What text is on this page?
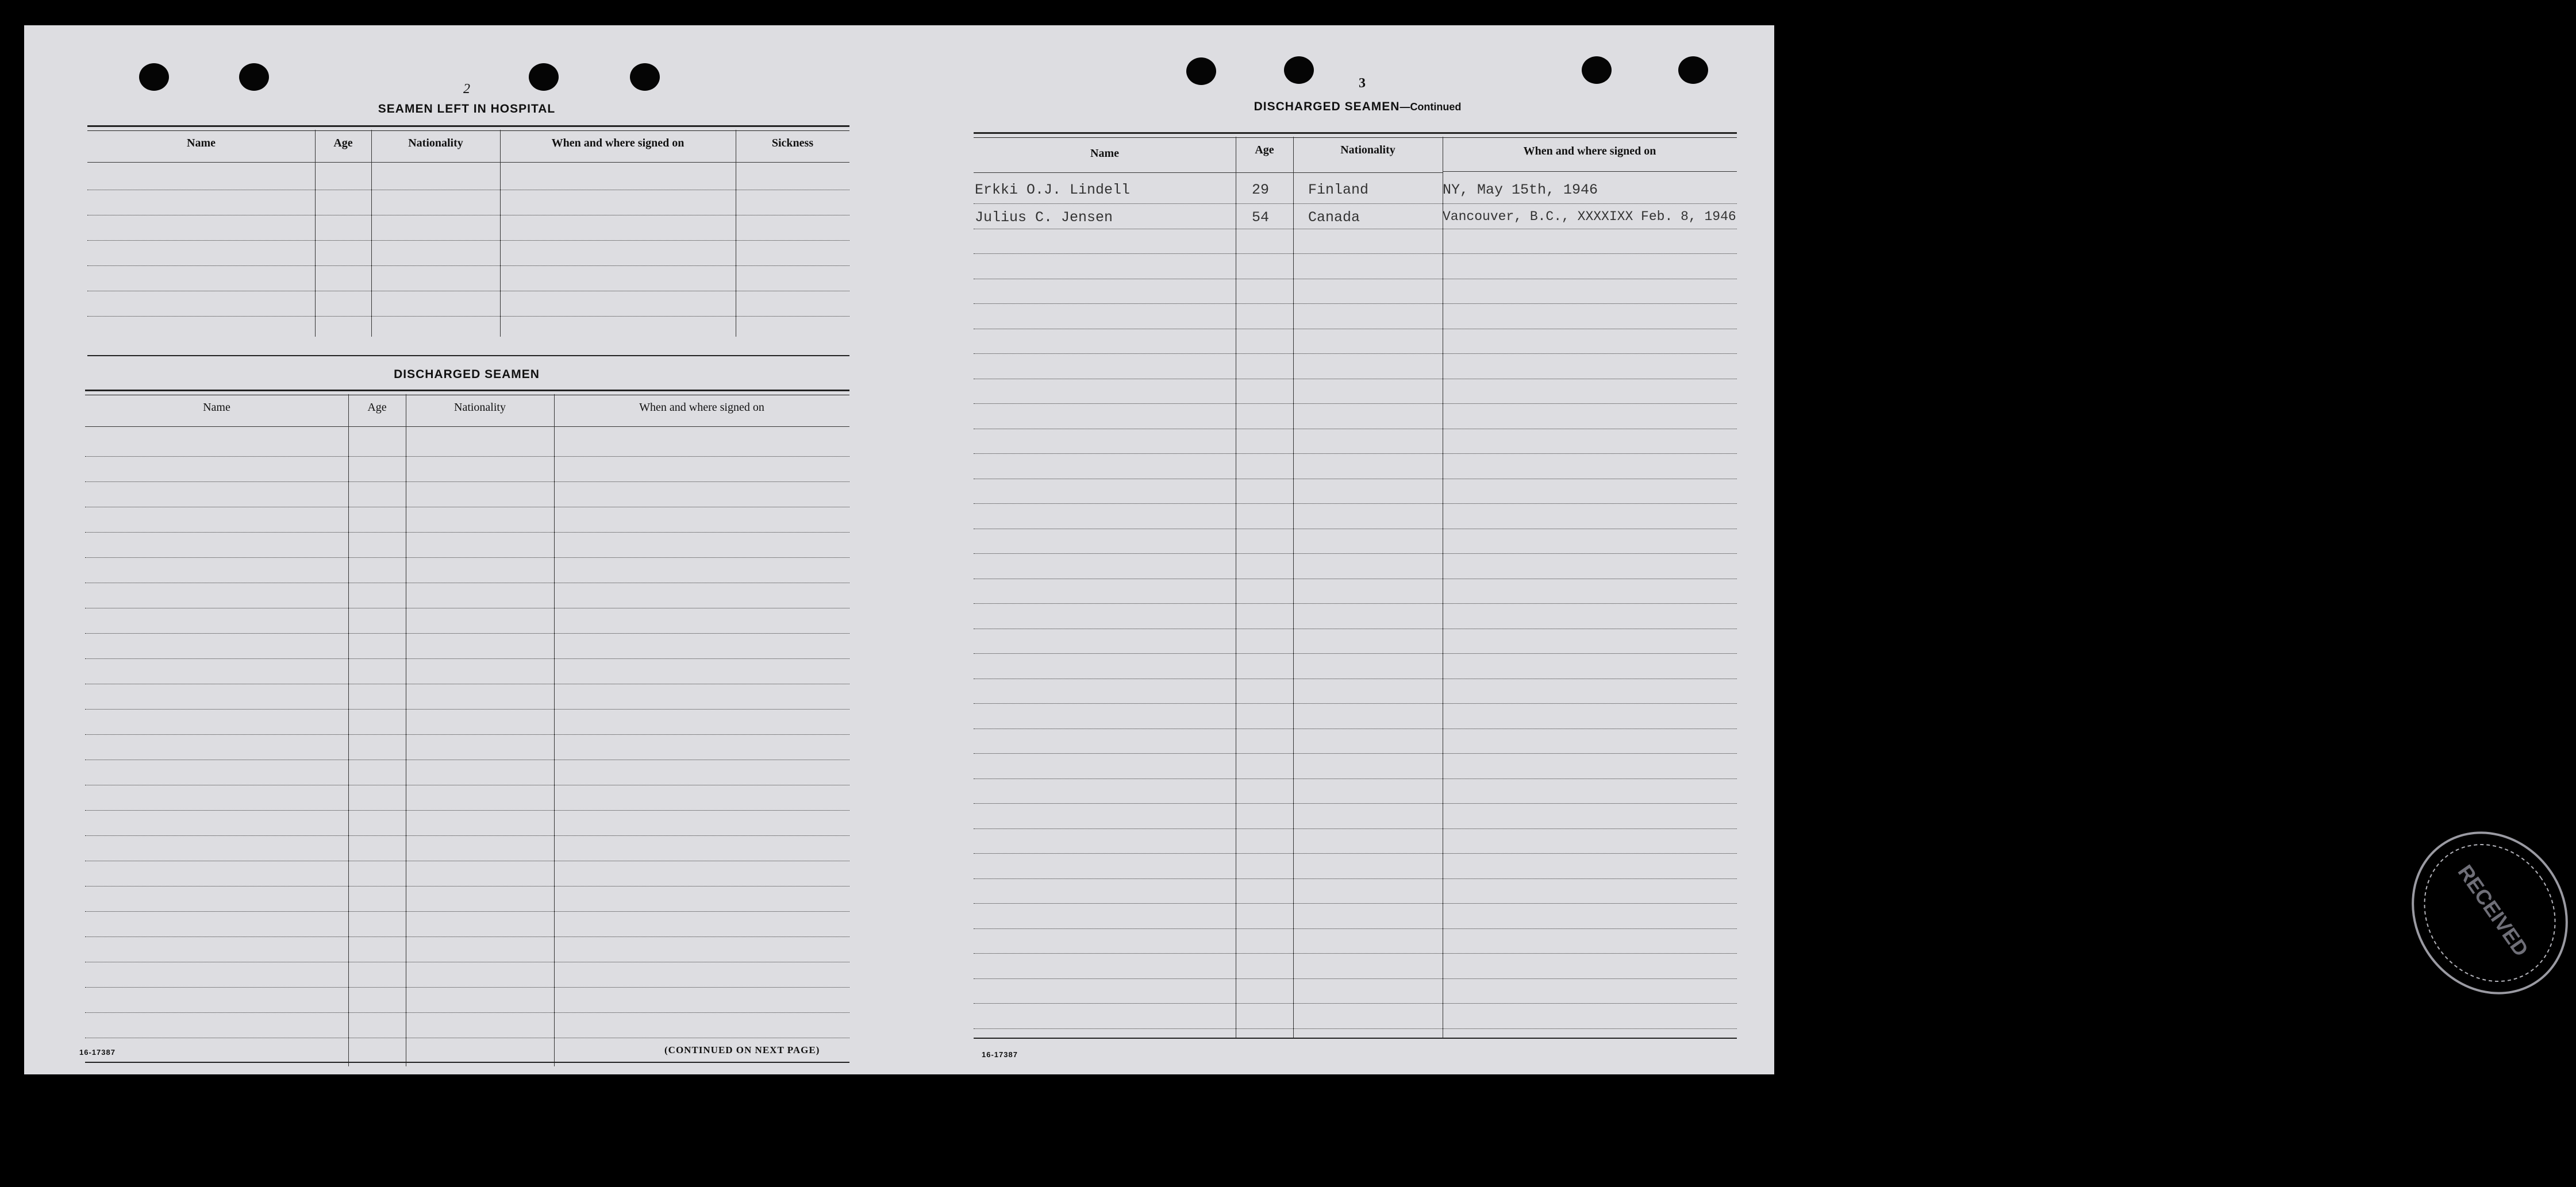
2
SEAMEN LEFT IN HOSPITAL
Name	Age	Nationality	When and where signed on	Sickness
DISCHARGED SEAMEN
Name	Age	Nationality	When and where signed on
16-17387	(CONTINUED ON NEXT PAGE)
3
DISCHARGED SEAMEN—Continued
Name	Age	Nationality	When and where signed on
Erkki O.J. Lindell	29	Finland	NY, May 15th, 1946
Julius C. Jensen	54	Canada	Vancouver, B.C., XXXXIXX Feb. 8, 1946
RECEIVED
16-17387
